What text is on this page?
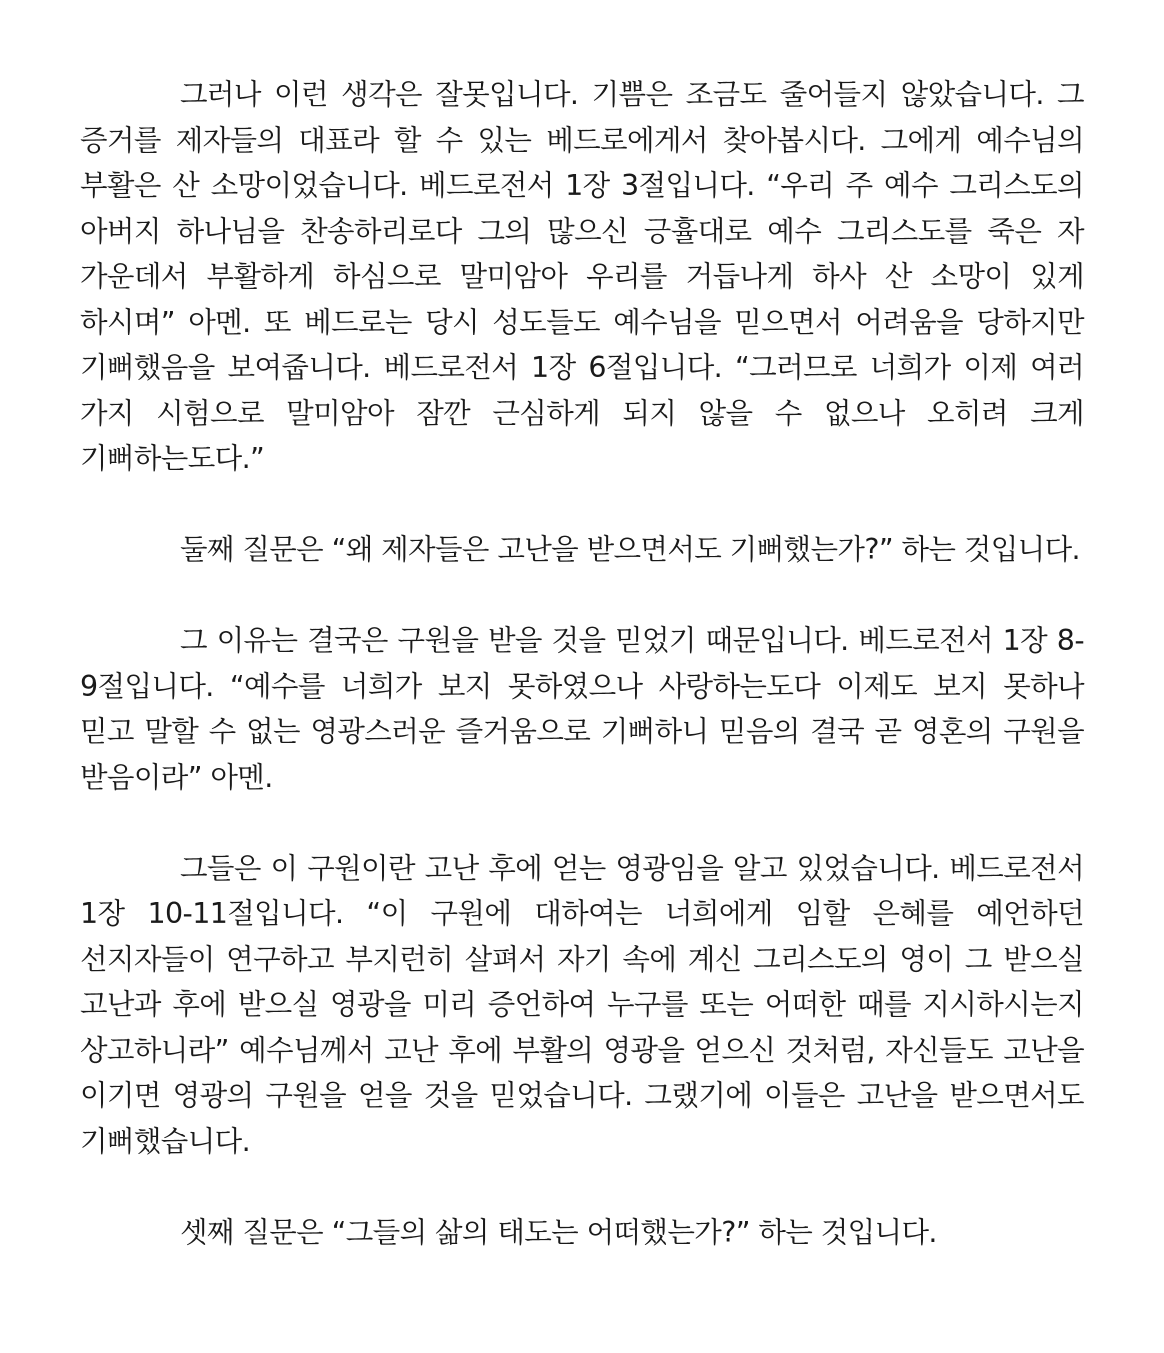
그러나 이런 생각은 잘못입니다. 기쁨은 조금도 줄어들지 않았습니다. 그 증거를 제자들의 대표라 할 수 있는 베드로에게서 찾아봅시다. 그에게 예수님의 부활은 산 소망이었습니다. 베드로전서 1장 3절입니다. “우리 주 예수 그리스도의 아버지 하나님을 찬송하리로다 그의 많으신 긍휼대로 예수 그리스도를 죽은 자 가운데서 부활하게 하심으로 말미암아 우리를 거듭나게 하사 산 소망이 있게 하시며” 아멘. 또 베드로는 당시 성도들도 예수님을 믿으면서 어려움을 당하지만 기뻐했음을 보여줍니다. 베드로전서 1장 6절입니다. “그러므로 너희가 이제 여러 가지 시험으로 말미암아 잠깐 근심하게 되지 않을 수 없으나 오히려 크게 기뻐하는도다.”

둘째 질문은 “왜 제자들은 고난을 받으면서도 기뻐했는가?” 하는 것입니다.

그 이유는 결국은 구원을 받을 것을 믿었기 때문입니다. 베드로전서 1장 8-9절입니다. “예수를 너희가 보지 못하였으나 사랑하는도다 이제도 보지 못하나 믿고 말할 수 없는 영광스러운 즐거움으로 기뻐하니 믿음의 결국 곧 영혼의 구원을 받음이라” 아멘.

그들은 이 구원이란 고난 후에 얻는 영광임을 알고 있었습니다. 베드로전서 1장 10-11절입니다. “이 구원에 대하여는 너희에게 임할 은혜를 예언하던 선지자들이 연구하고 부지런히 살펴서 자기 속에 계신 그리스도의 영이 그 받으실 고난과 후에 받으실 영광을 미리 증언하여 누구를 또는 어떠한 때를 지시하시는지 상고하니라” 예수님께서 고난 후에 부활의 영광을 얻으신 것처럼, 자신들도 고난을 이기면 영광의 구원을 얻을 것을 믿었습니다. 그랬기에 이들은 고난을 받으면서도 기뻐했습니다.

셋째 질문은 “그들의 삶의 태도는 어떠했는가?” 하는 것입니다.
